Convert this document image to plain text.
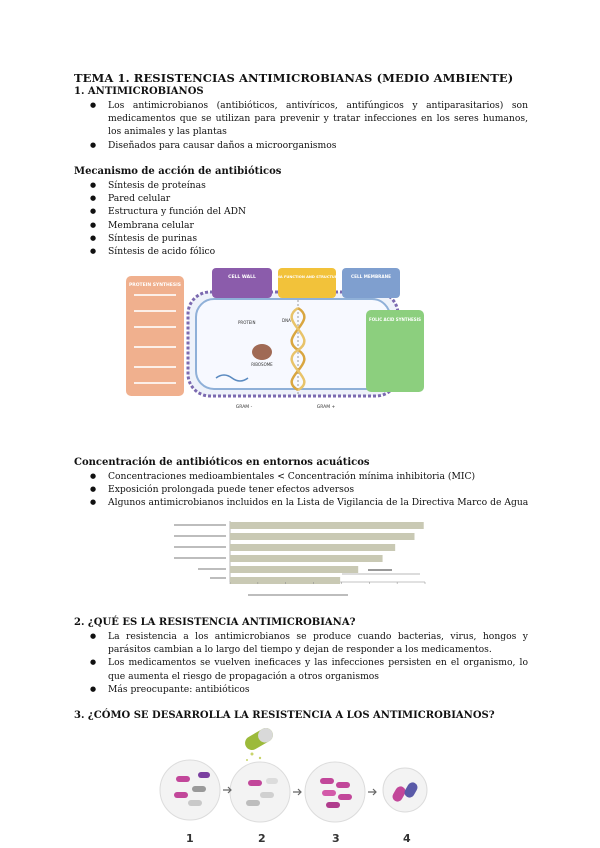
TEMA 1. RESISTENCIAS ANTIMICROBIANAS (MEDIO AMBIENTE)
1. ANTIMICROBIANOS
● Los antimicrobianos (antibióticos, antivíricos, antifúngicos y antiparasitarios) son medicamentos que se utilizan para prevenir y tratar infecciones en los seres humanos, los animales y las plantas
● Diseñados para causar daños a microorganismos
Mecanismo de acción de antibióticos
● Síntesis de proteínas
● Pared celular
● Estructura y función del ADN
● Membrana celular
● Síntesis de purinas
● Síntesis de acido fólico
PROTEIN SYNTHESIS
CELL WALL	DNA FUNCTION AND STRUCTURE	CELL MEMBRANE
FOLIC ACID SYNTHESIS
RIBOSOME
PROTEIN	DNA
GRAM -	GRAM +
Concentración de antibióticos en entornos acuáticos
● Concentraciones medioambientales < Concentración mínima inhibitoria (MIC)
● Exposición prolongada puede tener efectos adversos
● Algunos antimicrobianos incluidos en la Lista de Vigilancia de la Directiva Marco de Agua
2. ¿QUÉ ES LA RESISTENCIA ANTIMICROBIANA?
● La resistencia a los antimicrobianos se produce cuando bacterias, virus, hongos y parásitos cambian a lo largo del tiempo y dejan de responder a los medicamentos.
● Los medicamentos se vuelven ineficaces y las infecciones persisten en el organismo, lo que aumenta el riesgo de propagación a otros organismos
● Más preocupante: antibióticos
3. ¿CÓMO SE DESARROLLA LA RESISTENCIA A LOS ANTIMICROBIANOS?
1	2	3	4
